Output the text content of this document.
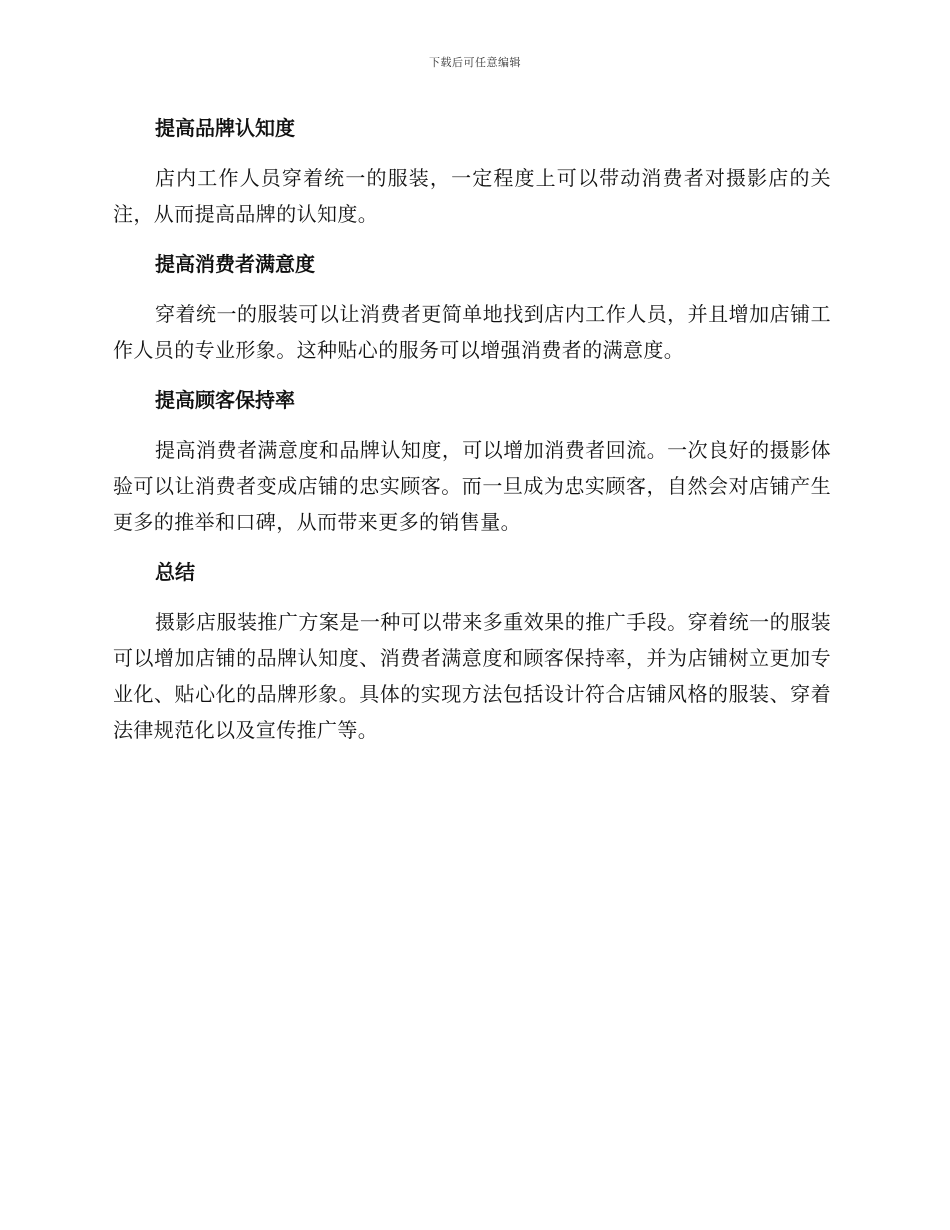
下载后可任意编辑
提高品牌认知度

店内工作人员穿着统一的服装，一定程度上可以带动消费者对摄影店的关注，从而提高品牌的认知度。

提高消费者满意度

穿着统一的服装可以让消费者更简单地找到店内工作人员，并且增加店铺工作人员的专业形象。这种贴心的服务可以增强消费者的满意度。

提高顾客保持率

提高消费者满意度和品牌认知度，可以增加消费者回流。一次良好的摄影体验可以让消费者变成店铺的忠实顾客。而一旦成为忠实顾客，自然会对店铺产生更多的推举和口碑，从而带来更多的销售量。

总结

摄影店服装推广方案是一种可以带来多重效果的推广手段。穿着统一的服装可以增加店铺的品牌认知度、消费者满意度和顾客保持率，并为店铺树立更加专业化、贴心化的品牌形象。具体的实现方法包括设计符合店铺风格的服装、穿着法律规范化以及宣传推广等。
